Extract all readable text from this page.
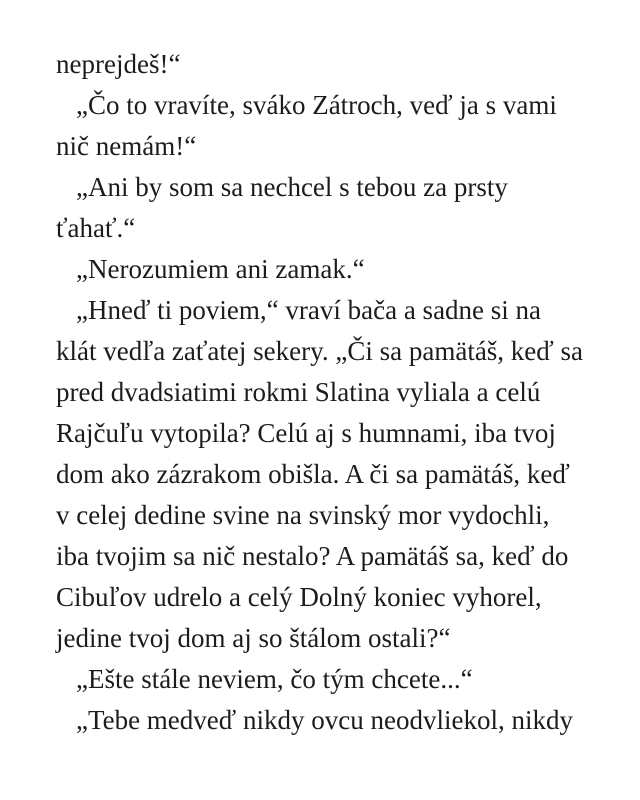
neprejdeš!“
„Čo to vravíte, sváko Zátroch, veď ja s vami
nič nemám!“
„Ani by som sa nechcel s tebou za prsty
ťahať.“
„Nerozumiem ani zamak.“
„Hneď ti poviem,“ vraví bača a sadne si na
klát vedľa zaťatej sekery. „Či sa pamätáš, keď sa
pred dvadsiatimi rokmi Slatina vyliala a celú
Rajčuľu vytopila? Celú aj s humnami, iba tvoj
dom ako zázrakom obišla. A či sa pamätáš, keď
v celej dedine svine na svinský mor vydochli,
iba tvojim sa nič nestalo? A pamätáš sa, keď do
Cibuľov udrelo a celý Dolný koniec vyhorel,
jedine tvoj dom aj so štálom ostali?“
„Ešte stále neviem, čo tým chcete...“
„Tebe medveď nikdy ovcu neodvliekol, nikdy
